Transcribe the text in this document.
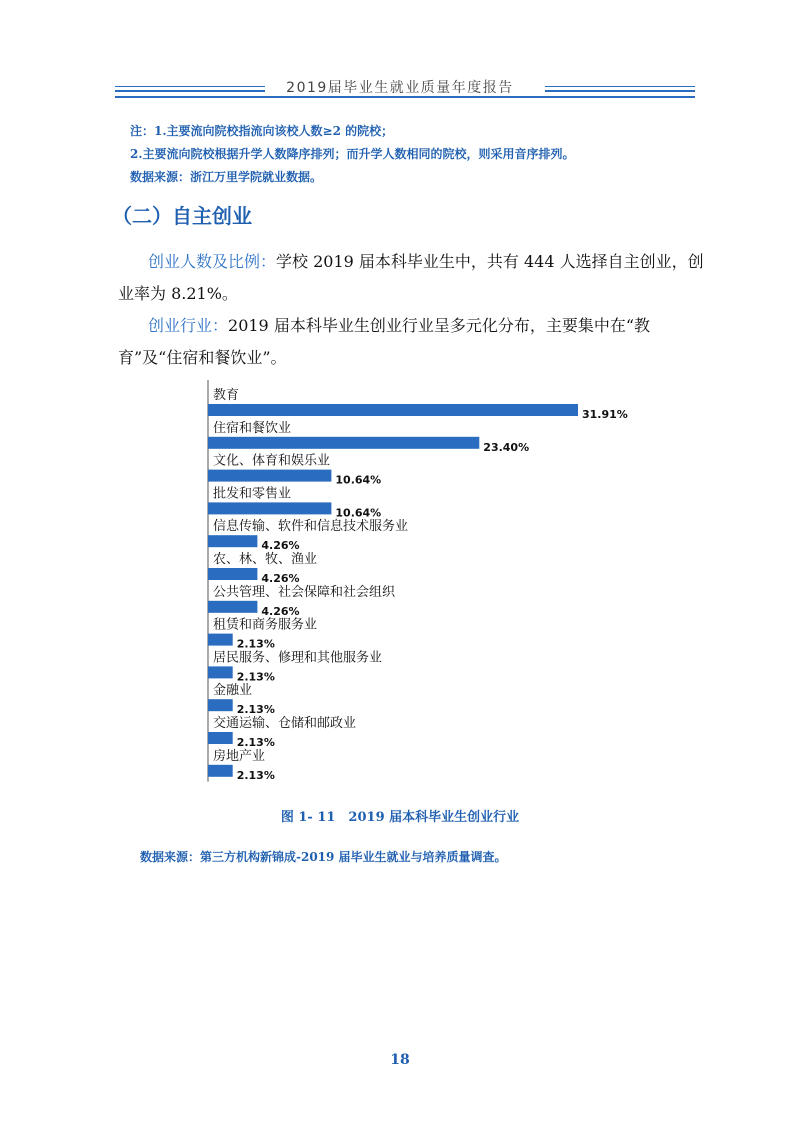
2019届毕业生就业质量年度报告
注：1.主要流向院校指流向该校人数≥2 的院校；
2.主要流向院校根据升学人数降序排列；而升学人数相同的院校，则采用音序排列。
数据来源：浙江万里学院就业数据。
（二）自主创业
创业人数及比例：学校 2019 届本科毕业生中，共有 444 人选择自主创业，创业率为 8.21%。
创业行业：2019 届本科毕业生创业行业呈多元化分布，主要集中在“教育”及“住宿和餐饮业”。
教育
31.91%
住宿和餐饮业
23.40%
文化、体育和娱乐业
10.64%
批发和零售业
10.64%
信息传输、软件和信息技术服务业
4.26%
农、林、牧、渔业
4.26%
公共管理、社会保障和社会组织
4.26%
租赁和商务服务业
2.13%
居民服务、修理和其他服务业
2.13%
金融业
2.13%
交通运输、仓储和邮政业
2.13%
房地产业
2.13%
图 1- 11　2019 届本科毕业生创业行业
数据来源：第三方机构新锦成-2019 届毕业生就业与培养质量调查。
18
